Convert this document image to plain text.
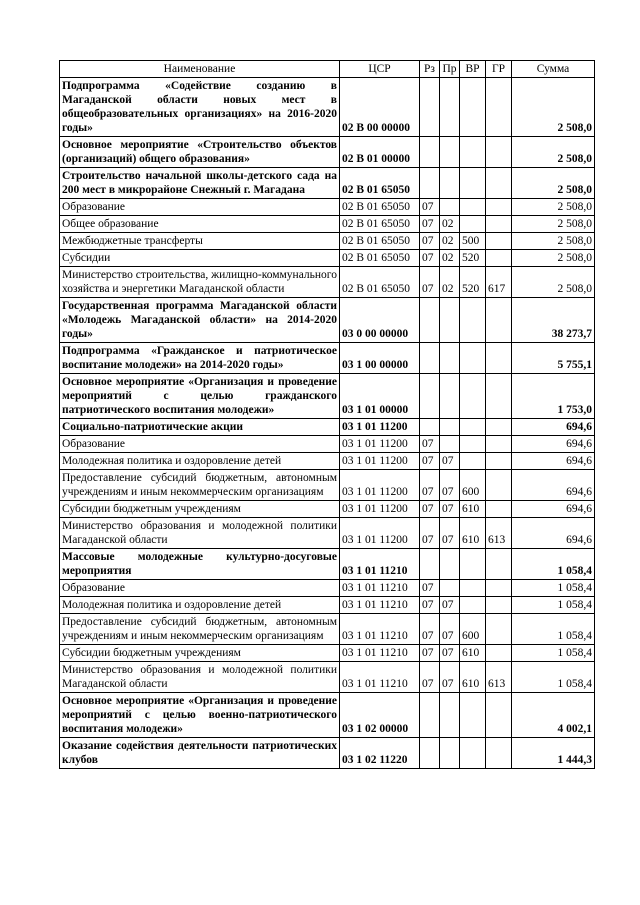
Наименование	ЦСР	Рз	Пр	ВР	ГР	Сумма
Подпрограмма «Содействие созданию в Магаданской области новых мест в общеобразовательных организациях» на 2016-2020 годы»	02 В 00 00000					2 508,0
Основное мероприятие «Строительство объектов (организаций) общего образования»	02 В 01 00000					2 508,0
Строительство начальной школы-детского сада на 200 мест в микрорайоне Снежный г. Магадана	02 В 01 65050					2 508,0
Образование	02 В 01 65050	07				2 508,0
Общее образование	02 В 01 65050	07	02			2 508,0
Межбюджетные трансферты	02 В 01 65050	07	02	500		2 508,0
Субсидии	02 В 01 65050	07	02	520		2 508,0
Министерство строительства, жилищно-коммунального хозяйства и энергетики Магаданской области	02 В 01 65050	07	02	520	617	2 508,0
Государственная программа Магаданской области «Молодежь Магаданской области» на 2014-2020 годы»	03 0 00 00000					38 273,7
Подпрограмма «Гражданское и патриотическое воспитание молодежи» на 2014-2020 годы»	03 1 00 00000					5 755,1
Основное мероприятие «Организация и проведение мероприятий с целью гражданского патриотического воспитания молодежи»	03 1 01 00000					1 753,0
Социально-патриотические акции	03 1 01 11200					694,6
Образование	03 1 01 11200	07				694,6
Молодежная политика и оздоровление детей	03 1 01 11200	07	07			694,6
Предоставление субсидий бюджетным, автономным учреждениям и иным некоммерческим организациям	03 1 01 11200	07	07	600		694,6
Субсидии бюджетным учреждениям	03 1 01 11200	07	07	610		694,6
Министерство образования и молодежной политики Магаданской области	03 1 01 11200	07	07	610	613	694,6
Массовые молодежные культурно-досуговые мероприятия	03 1 01 11210					1 058,4
Образование	03 1 01 11210	07				1 058,4
Молодежная политика и оздоровление детей	03 1 01 11210	07	07			1 058,4
Предоставление субсидий бюджетным, автономным учреждениям и иным некоммерческим организациям	03 1 01 11210	07	07	600		1 058,4
Субсидии бюджетным учреждениям	03 1 01 11210	07	07	610		1 058,4
Министерство образования и молодежной политики Магаданской области	03 1 01 11210	07	07	610	613	1 058,4
Основное мероприятие «Организация и проведение мероприятий с целью военно-патриотического воспитания молодежи»	03 1 02 00000					4 002,1
Оказание содействия деятельности патриотических клубов	03 1 02 11220					1 444,3
